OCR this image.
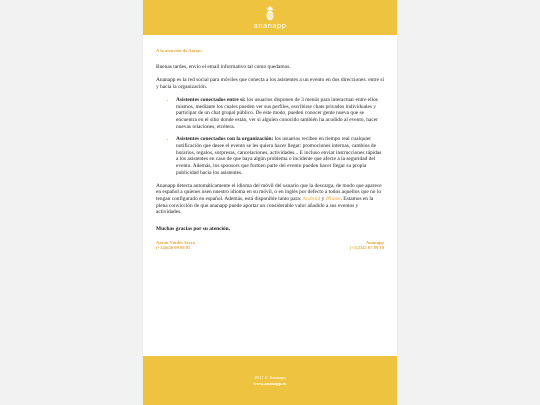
ananapp
A la atención de Aaron:

Buenas tardes, envío el email informativo tal como quedamos.

Ananapp es la red social para móviles que conecta a los asistentes a un evento en dos direcciones: entre sí y hacia la organización.

• Asistentes conectados entre sí: los usuarios disponen de 3 menús para interactuar entre ellos mismos, mediante los cuales pueden ver sus perfiles, escribirse chats privados individuales y participar de un chat grupal público. De este modo, pueden conocer gente nueva que se encuentra en el sitio donde están, ver si alguien conocido también ha acudido al evento, hacer nuevas relaciones, etcétera.
• Asistentes conectados con la organización: los usuarios reciben en tiempo real cualquier notificación que desee el evento se les quiera hacer llegar: promociones internas, cambios de horarios, regalos, sorpresas, cancelaciones, actividades... E incluso enviar instrucciones rápidas a los asistentes en caso de que haya algún problema o incidente que afecte a la seguridad del evento. Además, los sponsors que formen parte del evento pueden hacer llegar su propia publicidad hacia los asistentes.

Ananapp detecta automáticamente el idioma del móvil del usuario que la descarga, de modo que aparece en español a quienes usen nuestro idioma en su móvil, o en inglés por defecto a todos aquellos que no lo tengan configurado en español. Además, está disponible tanto para: Android y iPhone. Estamos en la plena convicción de que ananapp puede aportar un considerable valor añadido a sus eventos y actividades.

Muchas gracias por su atención,

Aaron Viudes Serra
(+34)626 09 86 05
Ananapp
(+1)2345 67 89 10
2017 © Ananapp
www.ananapp.es
